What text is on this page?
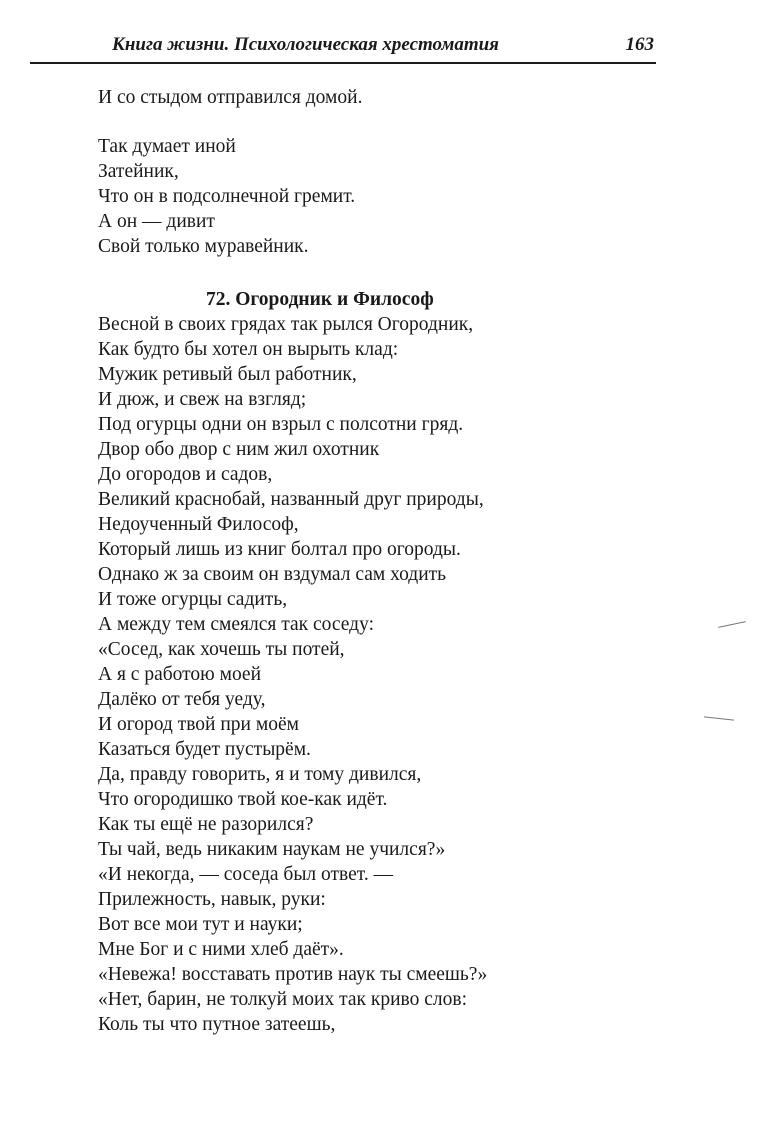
Книга жизни. Психологическая хрестоматия	163
И со стыдом отправился домой.
Так думает иной
Затейник,
Что он в подсолнечной гремит.
А он — дивит
Свой только муравейник.
72. Огородник и Философ
Весной в своих грядах так рылся Огородник,
Как будто бы хотел он вырыть клад:
Мужик ретивый был работник,
И дюж, и свеж на взгляд;
Под огурцы одни он взрыл с полсотни гряд.
Двор обо двор с ним жил охотник
До огородов и садов,
Великий краснобай, названный друг природы,
Недоученный Философ,
Который лишь из книг болтал про огороды.
Однако ж за своим он вздумал сам ходить
И тоже огурцы садить,
А между тем смеялся так соседу:
«Сосед, как хочешь ты потей,
А я с работою моей
Далёко от тебя уеду,
И огород твой при моём
Казаться будет пустырём.
Да, правду говорить, я и тому дивился,
Что огородишко твой кое-как идёт.
Как ты ещё не разорился?
Ты чай, ведь никаким наукам не учился?»
«И некогда, — соседа был ответ. —
Прилежность, навык, руки:
Вот все мои тут и науки;
Мне Бог и с ними хлеб даёт».
«Невежа! восставать против наук ты смеешь?»
«Нет, барин, не толкуй моих так криво слов:
Коль ты что путное затеешь,
